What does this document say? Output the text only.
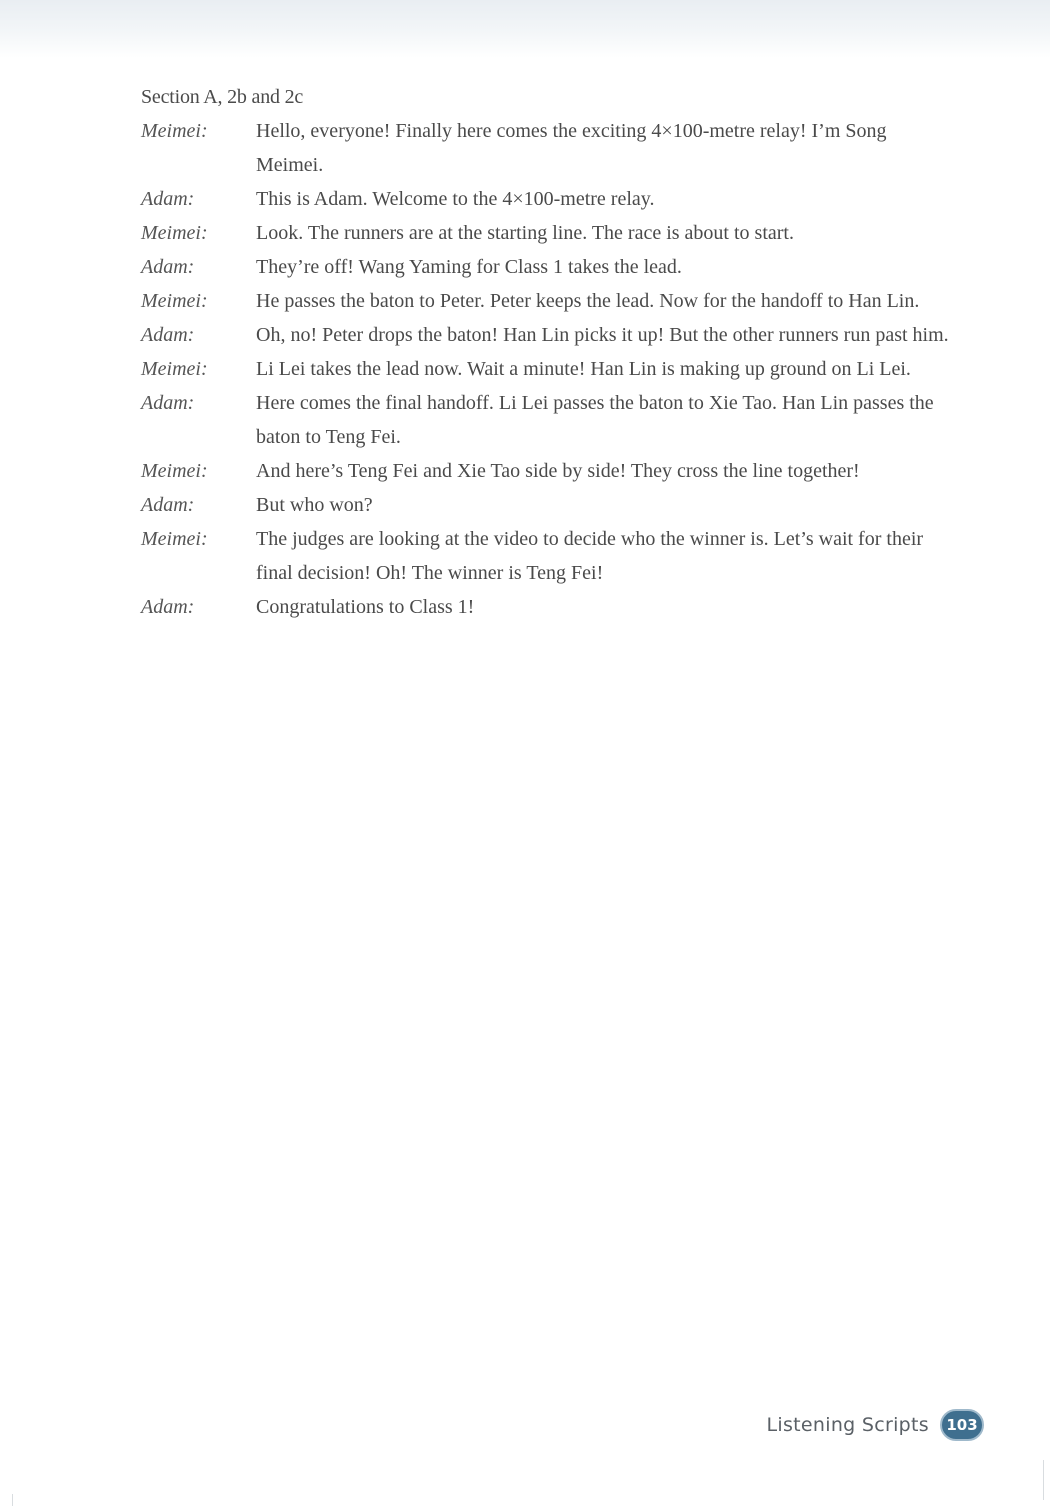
Section A, 2b and 2c
Meimei:	Hello, everyone! Finally here comes the exciting 4×100-metre relay! I’m Song Meimei.
Adam:	This is Adam. Welcome to the 4×100-metre relay.
Meimei:	Look. The runners are at the starting line. The race is about to start.
Adam:	They’re off! Wang Yaming for Class 1 takes the lead.
Meimei:	He passes the baton to Peter. Peter keeps the lead. Now for the handoff to Han Lin.
Adam:	Oh, no! Peter drops the baton! Han Lin picks it up! But the other runners run past him.
Meimei:	Li Lei takes the lead now. Wait a minute! Han Lin is making up ground on Li Lei.
Adam:	Here comes the final handoff. Li Lei passes the baton to Xie Tao. Han Lin passes the baton to Teng Fei.
Meimei:	And here’s Teng Fei and Xie Tao side by side! They cross the line together!
Adam:	But who won?
Meimei:	The judges are looking at the video to decide who the winner is. Let’s wait for their final decision! Oh! The winner is Teng Fei!
Adam:	Congratulations to Class 1!
Listening Scripts	103
